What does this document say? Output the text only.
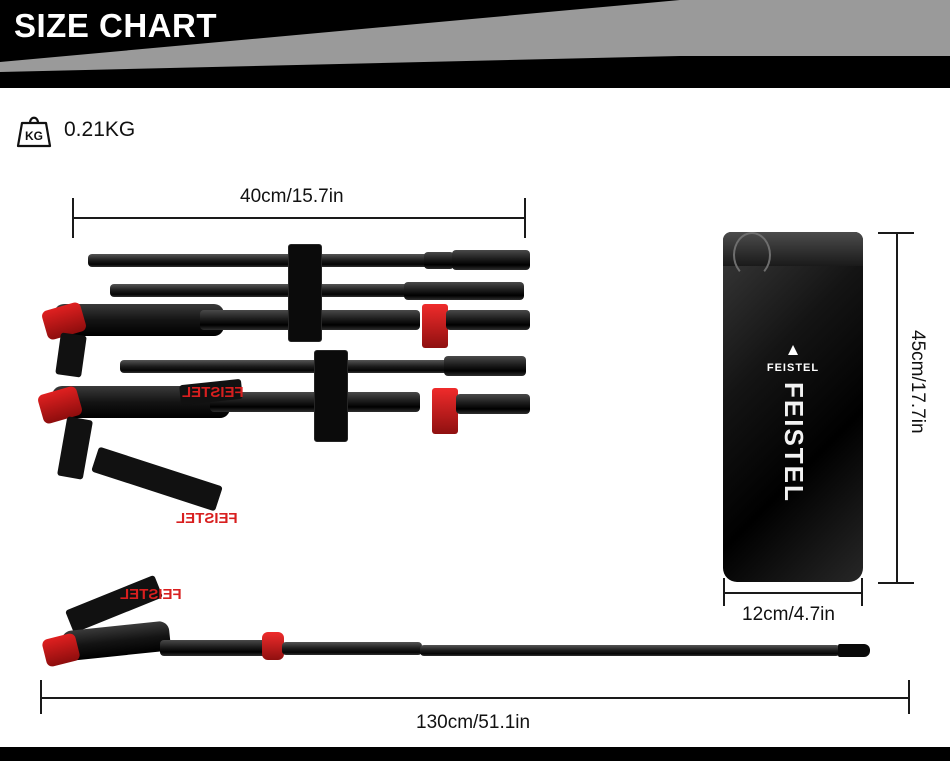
SIZE CHART
KG 0.21KG
40cm/15.7in
FEISTEL
FEISTEL
FEISTEL
130cm/51.1in
▲
FEISTEL
FEISTEL
45cm/17.7in
12cm/4.7in
